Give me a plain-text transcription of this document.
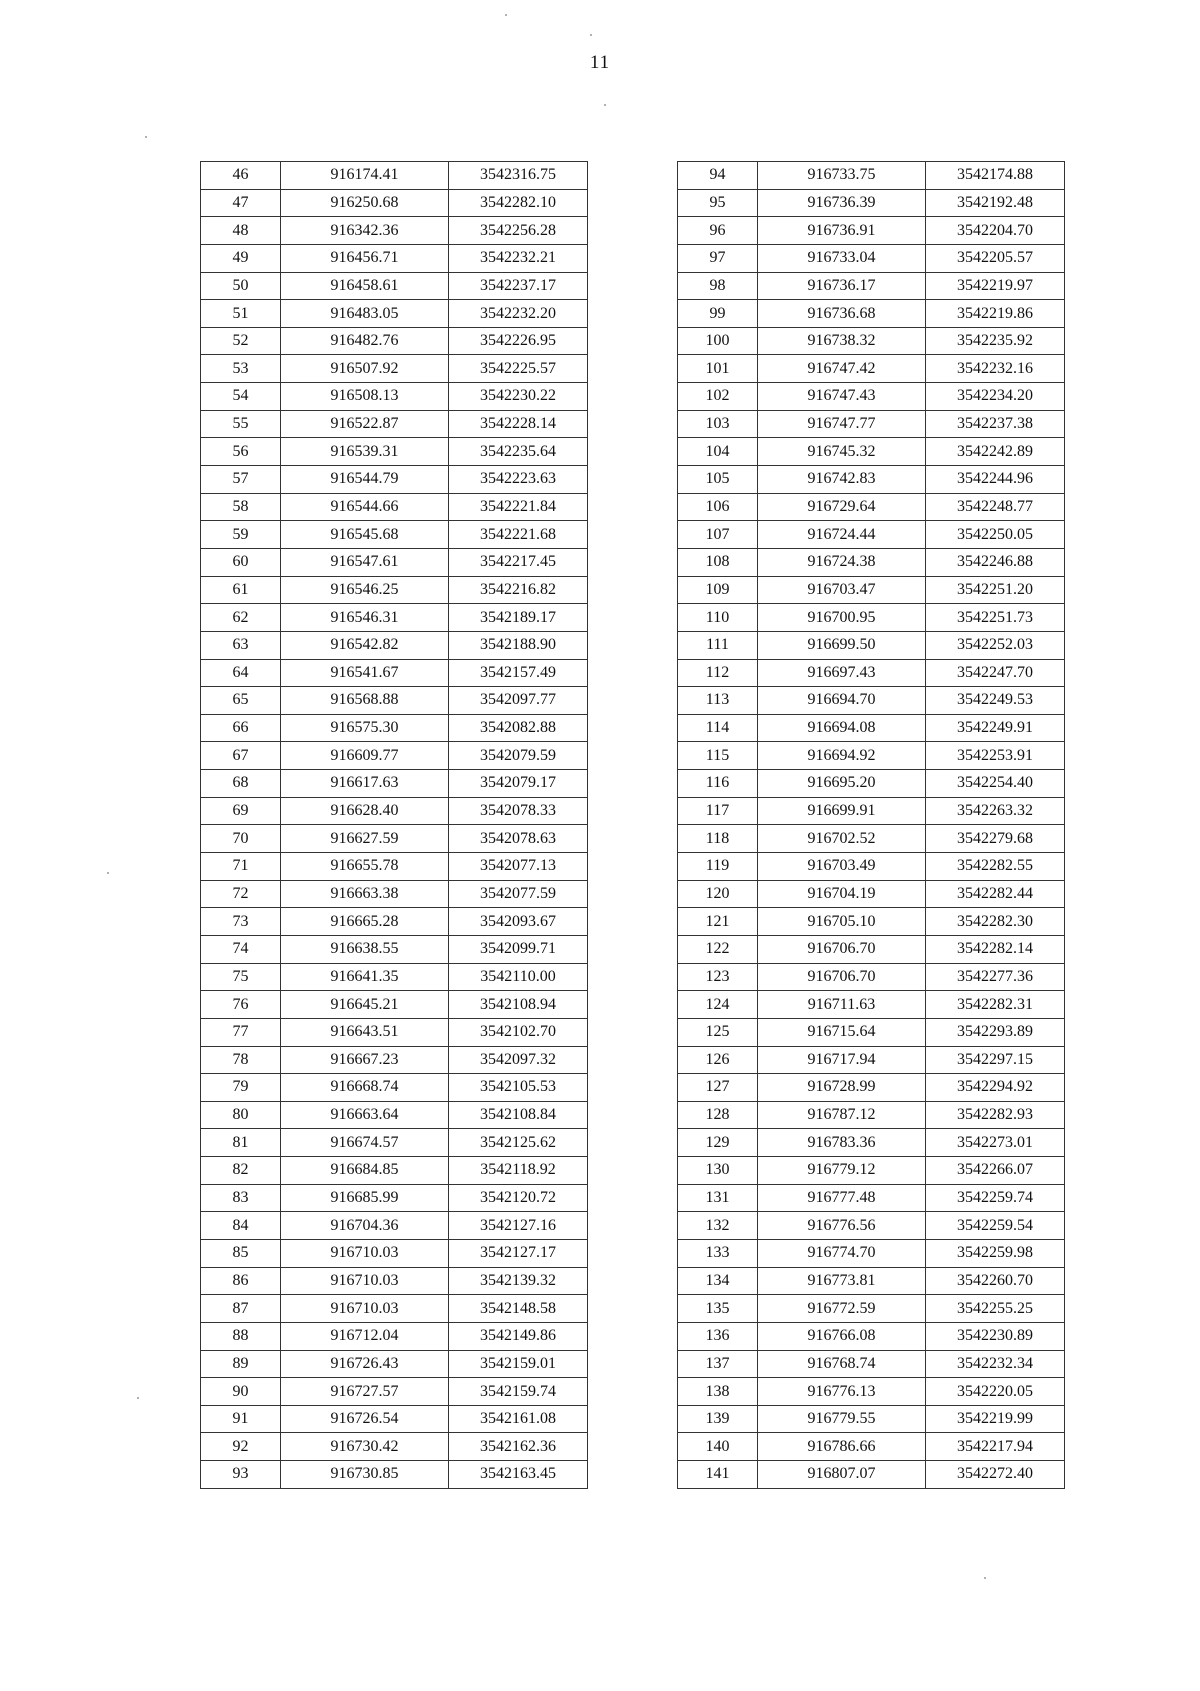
11
46	916174.41	3542316.75
47	916250.68	3542282.10
48	916342.36	3542256.28
49	916456.71	3542232.21
50	916458.61	3542237.17
51	916483.05	3542232.20
52	916482.76	3542226.95
53	916507.92	3542225.57
54	916508.13	3542230.22
55	916522.87	3542228.14
56	916539.31	3542235.64
57	916544.79	3542223.63
58	916544.66	3542221.84
59	916545.68	3542221.68
60	916547.61	3542217.45
61	916546.25	3542216.82
62	916546.31	3542189.17
63	916542.82	3542188.90
64	916541.67	3542157.49
65	916568.88	3542097.77
66	916575.30	3542082.88
67	916609.77	3542079.59
68	916617.63	3542079.17
69	916628.40	3542078.33
70	916627.59	3542078.63
71	916655.78	3542077.13
72	916663.38	3542077.59
73	916665.28	3542093.67
74	916638.55	3542099.71
75	916641.35	3542110.00
76	916645.21	3542108.94
77	916643.51	3542102.70
78	916667.23	3542097.32
79	916668.74	3542105.53
80	916663.64	3542108.84
81	916674.57	3542125.62
82	916684.85	3542118.92
83	916685.99	3542120.72
84	916704.36	3542127.16
85	916710.03	3542127.17
86	916710.03	3542139.32
87	916710.03	3542148.58
88	916712.04	3542149.86
89	916726.43	3542159.01
90	916727.57	3542159.74
91	916726.54	3542161.08
92	916730.42	3542162.36
93	916730.85	3542163.45
94	916733.75	3542174.88
95	916736.39	3542192.48
96	916736.91	3542204.70
97	916733.04	3542205.57
98	916736.17	3542219.97
99	916736.68	3542219.86
100	916738.32	3542235.92
101	916747.42	3542232.16
102	916747.43	3542234.20
103	916747.77	3542237.38
104	916745.32	3542242.89
105	916742.83	3542244.96
106	916729.64	3542248.77
107	916724.44	3542250.05
108	916724.38	3542246.88
109	916703.47	3542251.20
110	916700.95	3542251.73
111	916699.50	3542252.03
112	916697.43	3542247.70
113	916694.70	3542249.53
114	916694.08	3542249.91
115	916694.92	3542253.91
116	916695.20	3542254.40
117	916699.91	3542263.32
118	916702.52	3542279.68
119	916703.49	3542282.55
120	916704.19	3542282.44
121	916705.10	3542282.30
122	916706.70	3542282.14
123	916706.70	3542277.36
124	916711.63	3542282.31
125	916715.64	3542293.89
126	916717.94	3542297.15
127	916728.99	3542294.92
128	916787.12	3542282.93
129	916783.36	3542273.01
130	916779.12	3542266.07
131	916777.48	3542259.74
132	916776.56	3542259.54
133	916774.70	3542259.98
134	916773.81	3542260.70
135	916772.59	3542255.25
136	916766.08	3542230.89
137	916768.74	3542232.34
138	916776.13	3542220.05
139	916779.55	3542219.99
140	916786.66	3542217.94
141	916807.07	3542272.40
